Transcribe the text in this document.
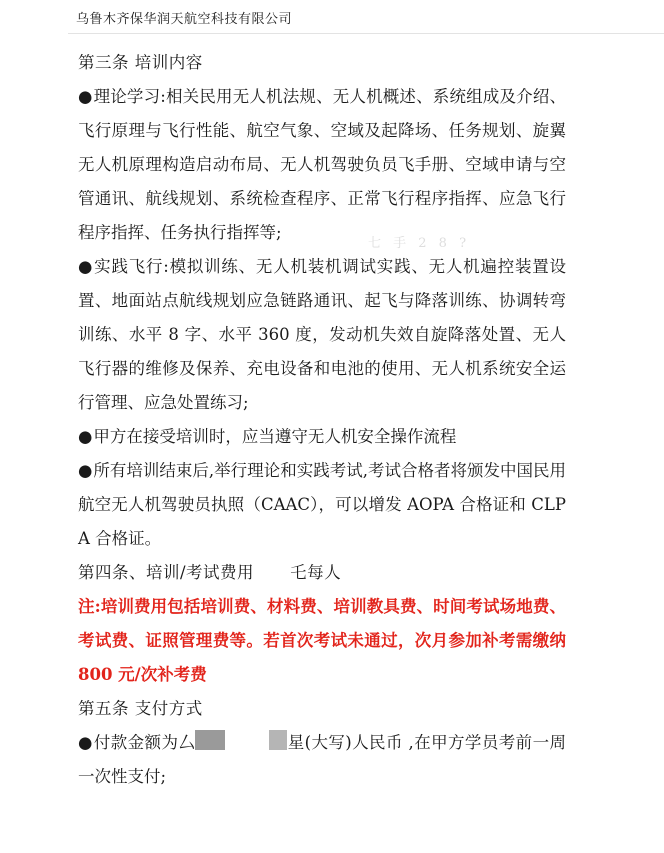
乌鲁木齐保华润天航空科技有限公司
七 手 2 8 ?

第三条 培训内容

● 理论学习:相关民用无人机法规、无人机概述、系统组成及介绍、飞行原理与飞行性能、航空气象、空域及起降场、任务规划、旋翼无人机原理构造启动布局、无人机驾驶负员飞手册、空域申请与空管通讯、航线规划、系统检查程序、正常飞行程序指挥、应急飞行程序指挥、任务执行指挥等;

● 实践飞行:模拟训练、无人机装机调试实践、无人机遍控装置设置、地面站点航线规划应急链路通讯、起飞与降落训练、协调转弯训练、水平 8 字、水平 360 度，发动机失效自旋降落处置、无人飞行器的维修及保养、充电设备和电池的使用、无人机系统安全运行管理、应急处置练习;

● 甲方在接受培训时，应当遵守无人机安全操作流程

● 所有培训结束后,举行理论和实践考试,考试合格者将颁发中国民用航空无人机驾驶员执照（CAAC），可以增发 AOPA 合格证和 CLPA 合格证。

第四条、培训/考试费用 乇每人

注:培训费用包括培训费、材料费、培训教具费、时间考试场地费、考试费、证照管理费等。若首次考试未通过，次月参加补考需缴纳 800 元/次补考费

第五条 支付方式

● 付款金额为厶	星(大写)人民币 ,在甲方学员考前一周一次性支付;
